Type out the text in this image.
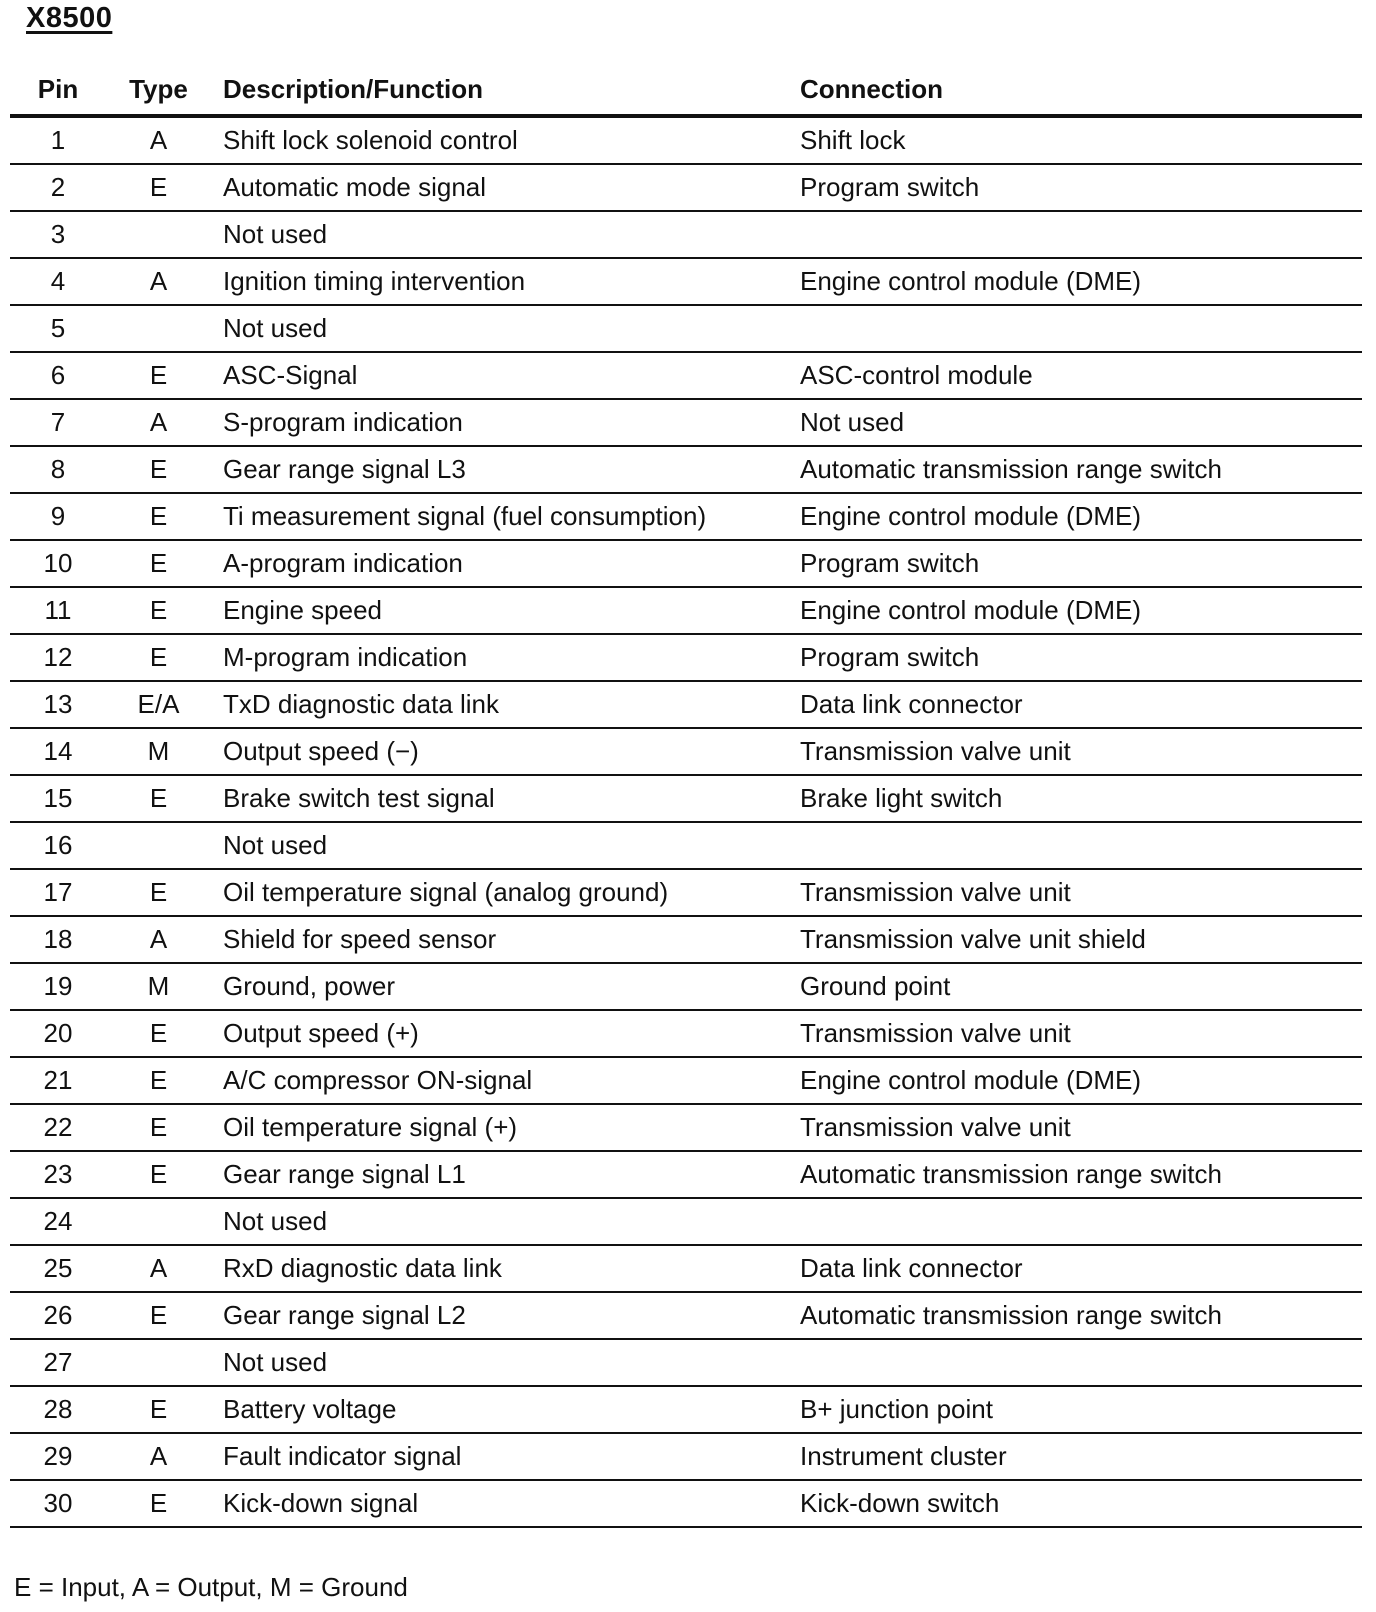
X8500
Pin	Type	Description/Function	Connection
1	A	Shift lock solenoid control	Shift lock
2	E	Automatic mode signal	Program switch
3		Not used	
4	A	Ignition timing intervention	Engine control module (DME)
5		Not used	
6	E	ASC-Signal	ASC-control module
7	A	S-program indication	Not used
8	E	Gear range signal L3	Automatic transmission range switch
9	E	Ti measurement signal (fuel consumption)	Engine control module (DME)
10	E	A-program indication	Program switch
11	E	Engine speed	Engine control module (DME)
12	E	M-program indication	Program switch
13	E/A	TxD diagnostic data link	Data link connector
14	M	Output speed (−)	Transmission valve unit
15	E	Brake switch test signal	Brake light switch
16		Not used	
17	E	Oil temperature signal (analog ground)	Transmission valve unit
18	A	Shield for speed sensor	Transmission valve unit shield
19	M	Ground, power	Ground point
20	E	Output speed (+)	Transmission valve unit
21	E	A/C compressor ON-signal	Engine control module (DME)
22	E	Oil temperature signal (+)	Transmission valve unit
23	E	Gear range signal L1	Automatic transmission range switch
24		Not used	
25	A	RxD diagnostic data link	Data link connector
26	E	Gear range signal L2	Automatic transmission range switch
27		Not used	
28	E	Battery voltage	B+ junction point
29	A	Fault indicator signal	Instrument cluster
30	E	Kick-down signal	Kick-down switch
E = Input, A = Output, M = Ground
